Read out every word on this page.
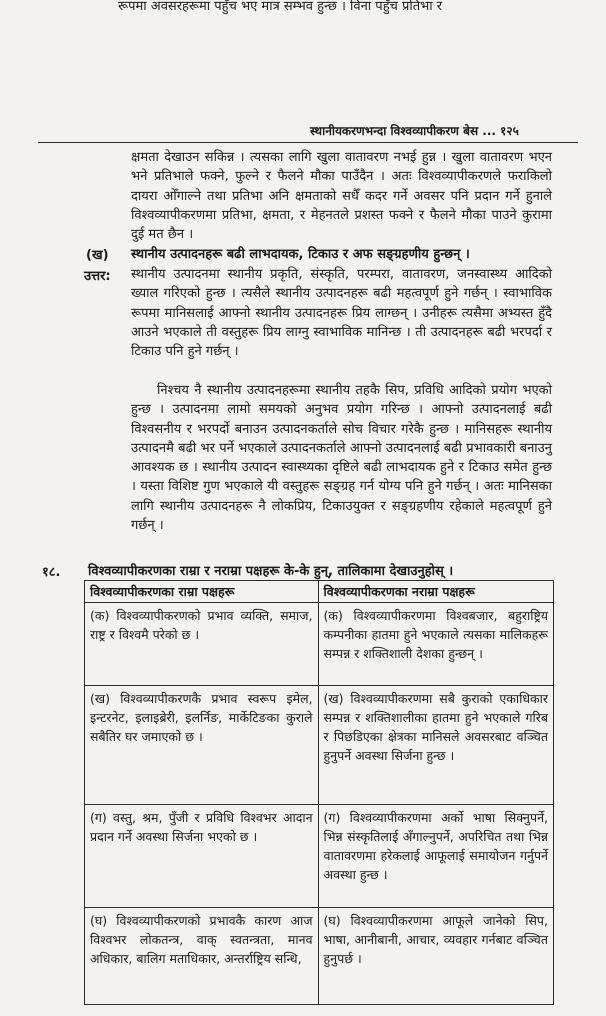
रूपमा अवसरहरूमा पहुँच भए मात्र सम्भव हुन्छ । विना पहुँच प्रतिभा र
स्थानीयकरणभन्दा विश्वव्यापीकरण बेस ... १२५
क्षमता देखाउन सकिन्न । त्यसका लागि खुला वातावरण नभई हुन्न । खुला वातावरण भएन भने प्रतिभाले फक्ने, फुल्ने र फैलने मौका पाउँदैन । अतः विश्वव्यापीकरणले फराकिलो दायरा ओँगाल्ने तथा प्रतिभा अनि क्षमताको सधैँ कदर गर्ने अवसर पनि प्रदान गर्ने हुनाले विश्वव्यापीकरणमा प्रतिभा, क्षमता, र मेहनतले प्रशस्त फक्ने र फैलने मौका पाउने कुरामा दुई मत छैन ।
(ख) स्थानीय उत्पादनहरू बढी लाभदायक, टिकाउ र अफ सङ्ग्रहणीय हुन्छन् ।
उत्तर: स्थानीय उत्पादनमा स्थानीय प्रकृति, संस्कृति, परम्परा, वातावरण, जनस्वास्थ्य आदिको ख्याल गरिएको हुन्छ । त्यसैले स्थानीय उत्पादनहरू बढी महत्वपूर्ण हुने गर्छन् । स्वाभाविक रूपमा मानिसलाई आफ्नो स्थानीय उत्पादनहरू प्रिय लाग्छन् । उनीहरू त्यसैमा अभ्यस्त हुँदै आउने भएकाले ती वस्तुहरू प्रिय लाग्नु स्वाभाविक मानिन्छ । ती उत्पादनहरू बढी भरपर्दा र टिकाउ पनि हुने गर्छन् ।
निश्चय नै स्थानीय उत्पादनहरूमा स्थानीय तहकै सिप, प्रविधि आदिको प्रयोग भएको हुन्छ । उत्पादनमा लामो समयको अनुभव प्रयोग गरिन्छ । आफ्नो उत्पादनलाई बढी विश्वसनीय र भरपर्दो बनाउन उत्पादनकर्ताले सोच विचार गरेकै हुन्छ । मानिसहरू स्थानीय उत्पादनमै बढी भर पर्ने भएकाले उत्पादनकर्ताले आफ्नो उत्पादनलाई बढी प्रभावकारी बनाउनु आवश्यक छ । स्थानीय उत्पादन स्वास्थ्यका दृष्टिले बढी लाभदायक हुने र टिकाउ समेत हुन्छ । यस्ता विशिष्ट गुण भएकाले यी वस्तुहरू सङ्ग्रह गर्न योग्य पनि हुने गर्छन् । अतः मानिसका लागि स्थानीय उत्पादनहरू नै लोकप्रिय, टिकाउयुक्त र सङ्ग्रहणीय रहेकाले महत्वपूर्ण हुने गर्छन् ।
१८. विश्वव्यापीकरणका राम्रा र नराम्रा पक्षहरू केे-के हुन्, तालिकामा देखाउनुहोस् ।
विश्वव्यापीकरणका राम्रा पक्षहरू	विश्वव्यापीकरणका नराम्रा पक्षहरू
(क) विश्वव्यापीकरणको प्रभाव व्यक्ति, समाज, राष्ट्र र विश्वमै परेको छ ।	(क) विश्वव्यापीकरणमा विश्वबजार, बहुराष्ट्रिय कम्पनीका हातमा हुने भएकाले त्यसका मालिकहरू सम्पन्न र शक्तिशाली देशका हुन्छन् ।
(ख) विश्वव्यापीकरणकै प्रभाव स्वरूप इमेल, इन्टरनेट, इलाइब्रेरी, इलर्निङ, मार्केटिङका कुराले सबैतिर घर जमाएको छ ।	(ख) विश्वव्यापीकरणमा सबै कुराको एकाधिकार सम्पन्न र शक्तिशालीका हातमा हुने भएकाले गरिब र पिछडिएका क्षेत्रका मानिसले अवसरबाट वञ्चित हुनुपर्ने अवस्था सिर्जना हुन्छ ।
(ग) वस्तु, श्रम, पुँजी र प्रविधि विश्वभर आदान प्रदान गर्ने अवस्था सिर्जना भएको छ ।	(ग) विश्वव्यापीकरणमा अर्को भाषा सिक्नुपर्ने, भिन्न संस्कृतिलाई अँगाल्नुपर्ने, अपरिचित तथा भिन्न वातावरणमा हरेकलाई आफूलाई समायोजन गर्नुपर्ने अवस्था हुन्छ ।
(घ) विश्वव्यापीकरणको प्रभावकै कारण आज विश्वभर लोकतन्त्र, वाक् स्वतन्त्रता, मानव अधिकार, बालिग मताधिकार, अन्तर्राष्ट्रिय सन्धि,	(घ) विश्वव्यापीकरणमा आफूले जानेको सिप, भाषा, आनीबानी, आचार, व्यवहार गर्नबाट वञ्चित हुनुपर्छ ।
